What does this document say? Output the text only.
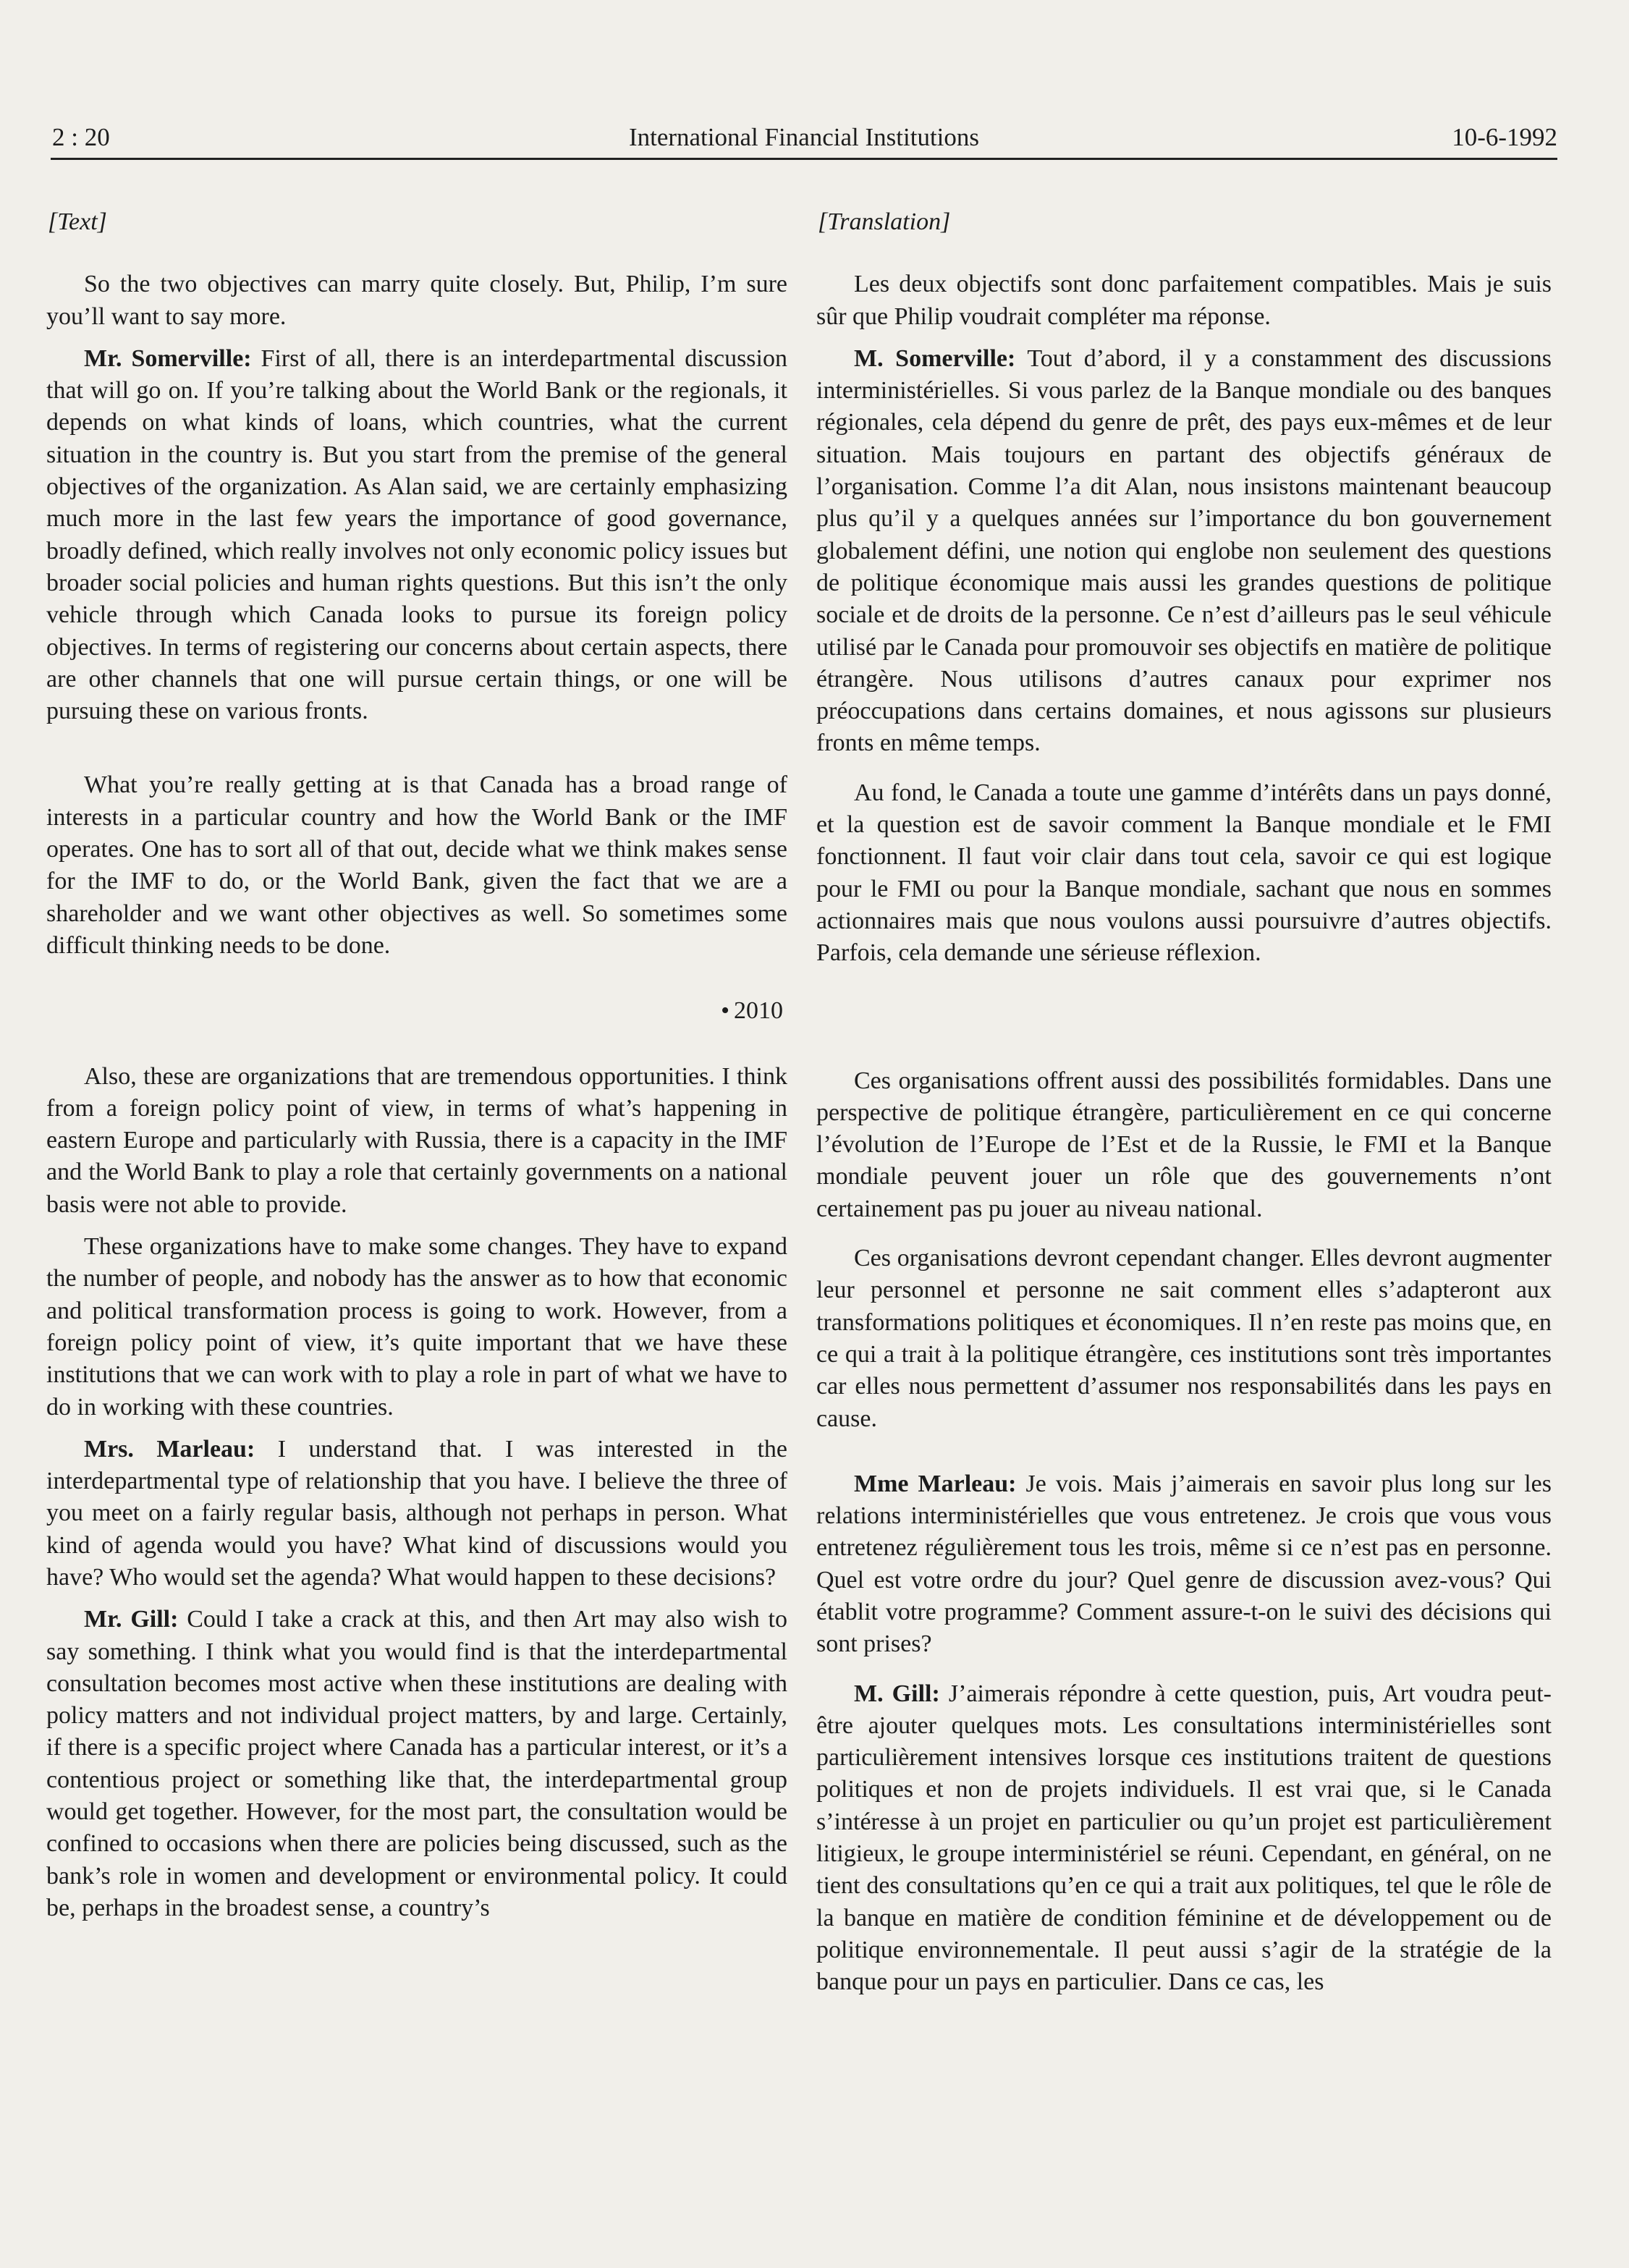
2 : 20	International Financial Institutions	10-6-1992
[Text]

So the two objectives can marry quite closely. But, Philip, I’m sure you’ll want to say more.

Mr. Somerville: First of all, there is an interdepartmental discussion that will go on. If you’re talking about the World Bank or the regionals, it depends on what kinds of loans, which countries, what the current situation in the country is. But you start from the premise of the general objectives of the organization. As Alan said, we are certainly emphasizing much more in the last few years the importance of good governance, broadly defined, which really involves not only economic policy issues but broader social policies and human rights questions. But this isn’t the only vehicle through which Canada looks to pursue its foreign policy objectives. In terms of registering our concerns about certain aspects, there are other channels that one will pursue certain things, or one will be pursuing these on various fronts.

What you’re really getting at is that Canada has a broad range of interests in a particular country and how the World Bank or the IMF operates. One has to sort all of that out, decide what we think makes sense for the IMF to do, or the World Bank, given the fact that we are a shareholder and we want other objectives as well. So sometimes some difficult thinking needs to be done.

• 2010

Also, these are organizations that are tremendous opportunities. I think from a foreign policy point of view, in terms of what’s happening in eastern Europe and particularly with Russia, there is a capacity in the IMF and the World Bank to play a role that certainly governments on a national basis were not able to provide.

These organizations have to make some changes. They have to expand the number of people, and nobody has the answer as to how that economic and political transformation process is going to work. However, from a foreign policy point of view, it’s quite important that we have these institutions that we can work with to play a role in part of what we have to do in working with these countries.

Mrs. Marleau: I understand that. I was interested in the interdepartmental type of relationship that you have. I believe the three of you meet on a fairly regular basis, although not perhaps in person. What kind of agenda would you have? What kind of discussions would you have? Who would set the agenda? What would happen to these decisions?

Mr. Gill: Could I take a crack at this, and then Art may also wish to say something. I think what you would find is that the interdepartmental consultation becomes most active when these institutions are dealing with policy matters and not individual project matters, by and large. Certainly, if there is a specific project where Canada has a particular interest, or it’s a contentious project or something like that, the interdepartmental group would get together. However, for the most part, the consultation would be confined to occasions when there are policies being discussed, such as the bank’s role in women and development or environmental policy. It could be, perhaps in the broadest sense, a country’s

[Translation]

Les deux objectifs sont donc parfaitement compatibles. Mais je suis sûr que Philip voudrait compléter ma réponse.

M. Somerville: Tout d’abord, il y a constamment des discussions interministérielles. Si vous parlez de la Banque mondiale ou des banques régionales, cela dépend du genre de prêt, des pays eux-mêmes et de leur situation. Mais toujours en partant des objectifs généraux de l’organisation. Comme l’a dit Alan, nous insistons maintenant beaucoup plus qu’il y a quelques années sur l’importance du bon gouvernement globalement défini, une notion qui englobe non seulement des questions de politique économique mais aussi les grandes questions de politique sociale et de droits de la personne. Ce n’est d’ailleurs pas le seul véhicule utilisé par le Canada pour promouvoir ses objectifs en matière de politique étrangère. Nous utilisons d’autres canaux pour exprimer nos préoccupations dans certains domaines, et nous agissons sur plusieurs fronts en même temps.

Au fond, le Canada a toute une gamme d’intérêts dans un pays donné, et la question est de savoir comment la Banque mondiale et le FMI fonctionnent. Il faut voir clair dans tout cela, savoir ce qui est logique pour le FMI ou pour la Banque mondiale, sachant que nous en sommes actionnaires mais que nous voulons aussi poursuivre d’autres objectifs. Parfois, cela demande une sérieuse réflexion.

Ces organisations offrent aussi des possibilités formidables. Dans une perspective de politique étrangère, particulièrement en ce qui concerne l’évolution de l’Europe de l’Est et de la Russie, le FMI et la Banque mondiale peuvent jouer un rôle que des gouvernements n’ont certainement pas pu jouer au niveau national.

Ces organisations devront cependant changer. Elles devront augmenter leur personnel et personne ne sait comment elles s’adapteront aux transformations politiques et économiques. Il n’en reste pas moins que, en ce qui a trait à la politique étrangère, ces institutions sont très importantes car elles nous permettent d’assumer nos responsabilités dans les pays en cause.

Mme Marleau: Je vois. Mais j’aimerais en savoir plus long sur les relations interministérielles que vous entretenez. Je crois que vous vous entretenez régulièrement tous les trois, même si ce n’est pas en personne. Quel est votre ordre du jour? Quel genre de discussion avez-vous? Qui établit votre programme? Comment assure-t-on le suivi des décisions qui sont prises?

M. Gill: J’aimerais répondre à cette question, puis, Art voudra peut-être ajouter quelques mots. Les consultations interministérielles sont particulièrement intensives lorsque ces institutions traitent de questions politiques et non de projets individuels. Il est vrai que, si le Canada s’intéresse à un projet en particulier ou qu’un projet est particulièrement litigieux, le groupe interministériel se réuni. Cependant, en général, on ne tient des consultations qu’en ce qui a trait aux politiques, tel que le rôle de la banque en matière de condition féminine et de développement ou de politique environnementale. Il peut aussi s’agir de la stratégie de la banque pour un pays en particulier. Dans ce cas, les
